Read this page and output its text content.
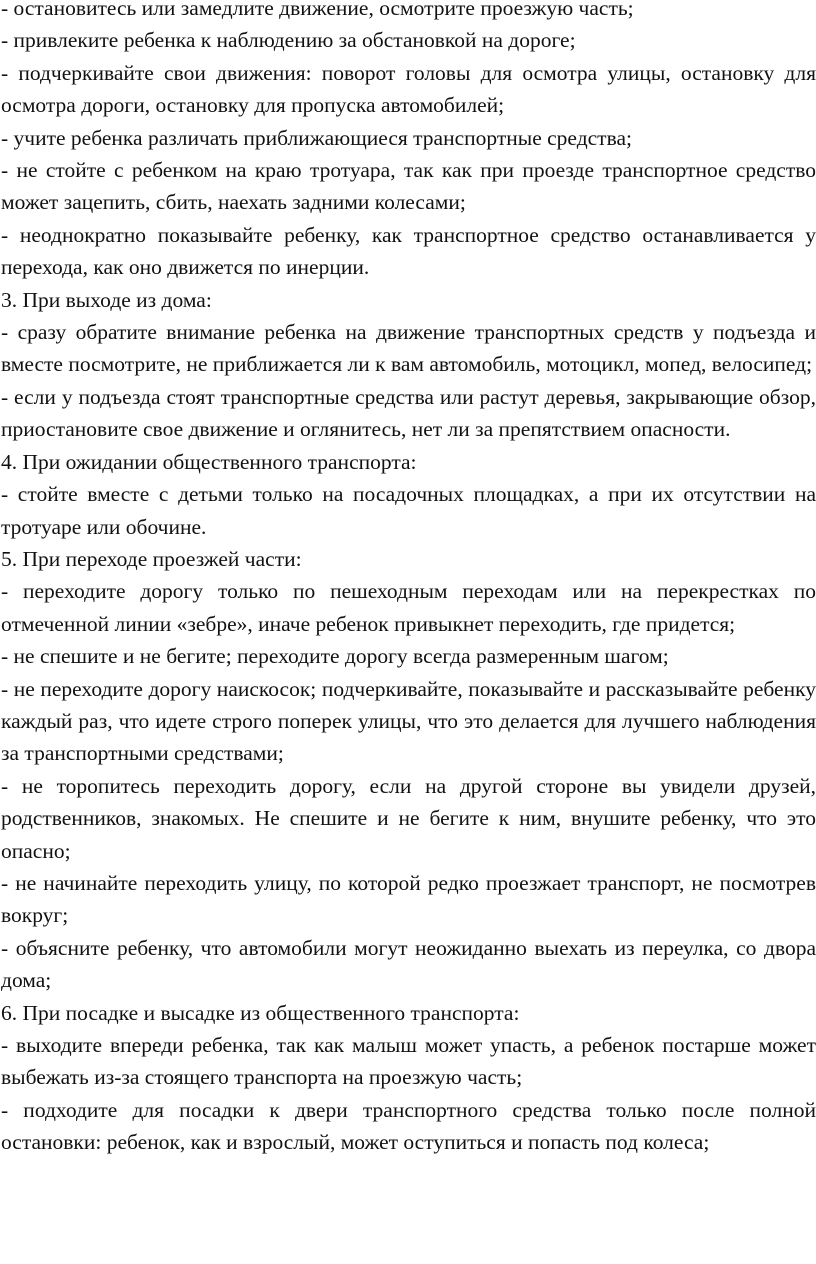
- остановитесь или замедлите движение, осмотрите проезжую часть;

- привлеките ребенка к наблюдению за обстановкой на дороге;

- подчеркивайте свои движения: поворот головы для осмотра улицы, остановку для осмотра дороги, остановку для пропуска автомобилей;

- учите ребенка различать приближающиеся транспортные средства;

- не стойте с ребенком на краю тротуара, так как при проезде транспортное средство может зацепить, сбить, наехать задними колесами;

- неоднократно показывайте ребенку, как транспортное средство останавливается у перехода, как оно движется по инерции.

3. При выходе из дома:

- сразу обратите внимание ребенка на движение транспортных средств у подъезда и вместе посмотрите, не приближается ли к вам автомобиль, мотоцикл, мопед, велосипед;

- если у подъезда стоят транспортные средства или растут деревья, закрывающие обзор, приостановите свое движение и оглянитесь, нет ли за препятствием опасности.

4. При ожидании общественного транспорта:

- стойте вместе с детьми только на посадочных площадках, а при их отсутствии на тротуаре или обочине.

5. При переходе проезжей части:

- переходите дорогу только по пешеходным переходам или на перекрестках по отмеченной линии «зебре», иначе ребенок привыкнет переходить, где придется;

- не спешите и не бегите; переходите дорогу всегда размеренным шагом;

- не переходите дорогу наискосок; подчеркивайте, показывайте и рассказывайте ребенку каждый раз, что идете строго поперек улицы, что это делается для лучшего наблюдения за транспортными средствами;

- не торопитесь переходить дорогу, если на другой стороне вы увидели друзей, родственников, знакомых. Не спешите и не бегите к ним, внушите ребенку, что это опасно;

- не начинайте переходить улицу, по которой редко проезжает транспорт, не посмотрев вокруг;

- объясните ребенку, что автомобили могут неожиданно выехать из переулка, со двора дома;

6. При посадке и высадке из общественного транспорта:

- выходите впереди ребенка, так как малыш может упасть, а ребенок постарше может выбежать из-за стоящего транспорта на проезжую часть;

- подходите для посадки к двери транспортного средства только после полной остановки: ребенок, как и взрослый, может оступиться и попасть под колеса;
